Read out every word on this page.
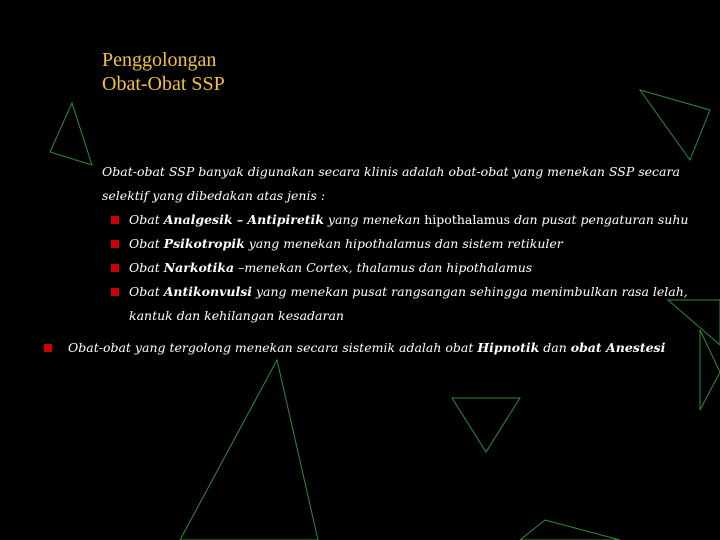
Penggolongan
Obat-Obat SSP
Obat-obat SSP banyak digunakan secara klinis adalah obat-obat yang menekan SSP secara
selektif yang dibedakan atas jenis :
Obat Analgesik – Antipiretik yang menekan hipothalamus dan pusat pengaturan suhu
Obat Psikotropik yang menekan hipothalamus dan sistem retikuler
Obat Narkotika –menekan Cortex, thalamus dan hipothalamus
Obat Antikonvulsi yang menekan pusat rangsangan sehingga menimbulkan rasa lelah,
kantuk dan kehilangan kesadaran
Obat-obat yang tergolong menekan secara sistemik adalah obat Hipnotik dan obat Anestesi
